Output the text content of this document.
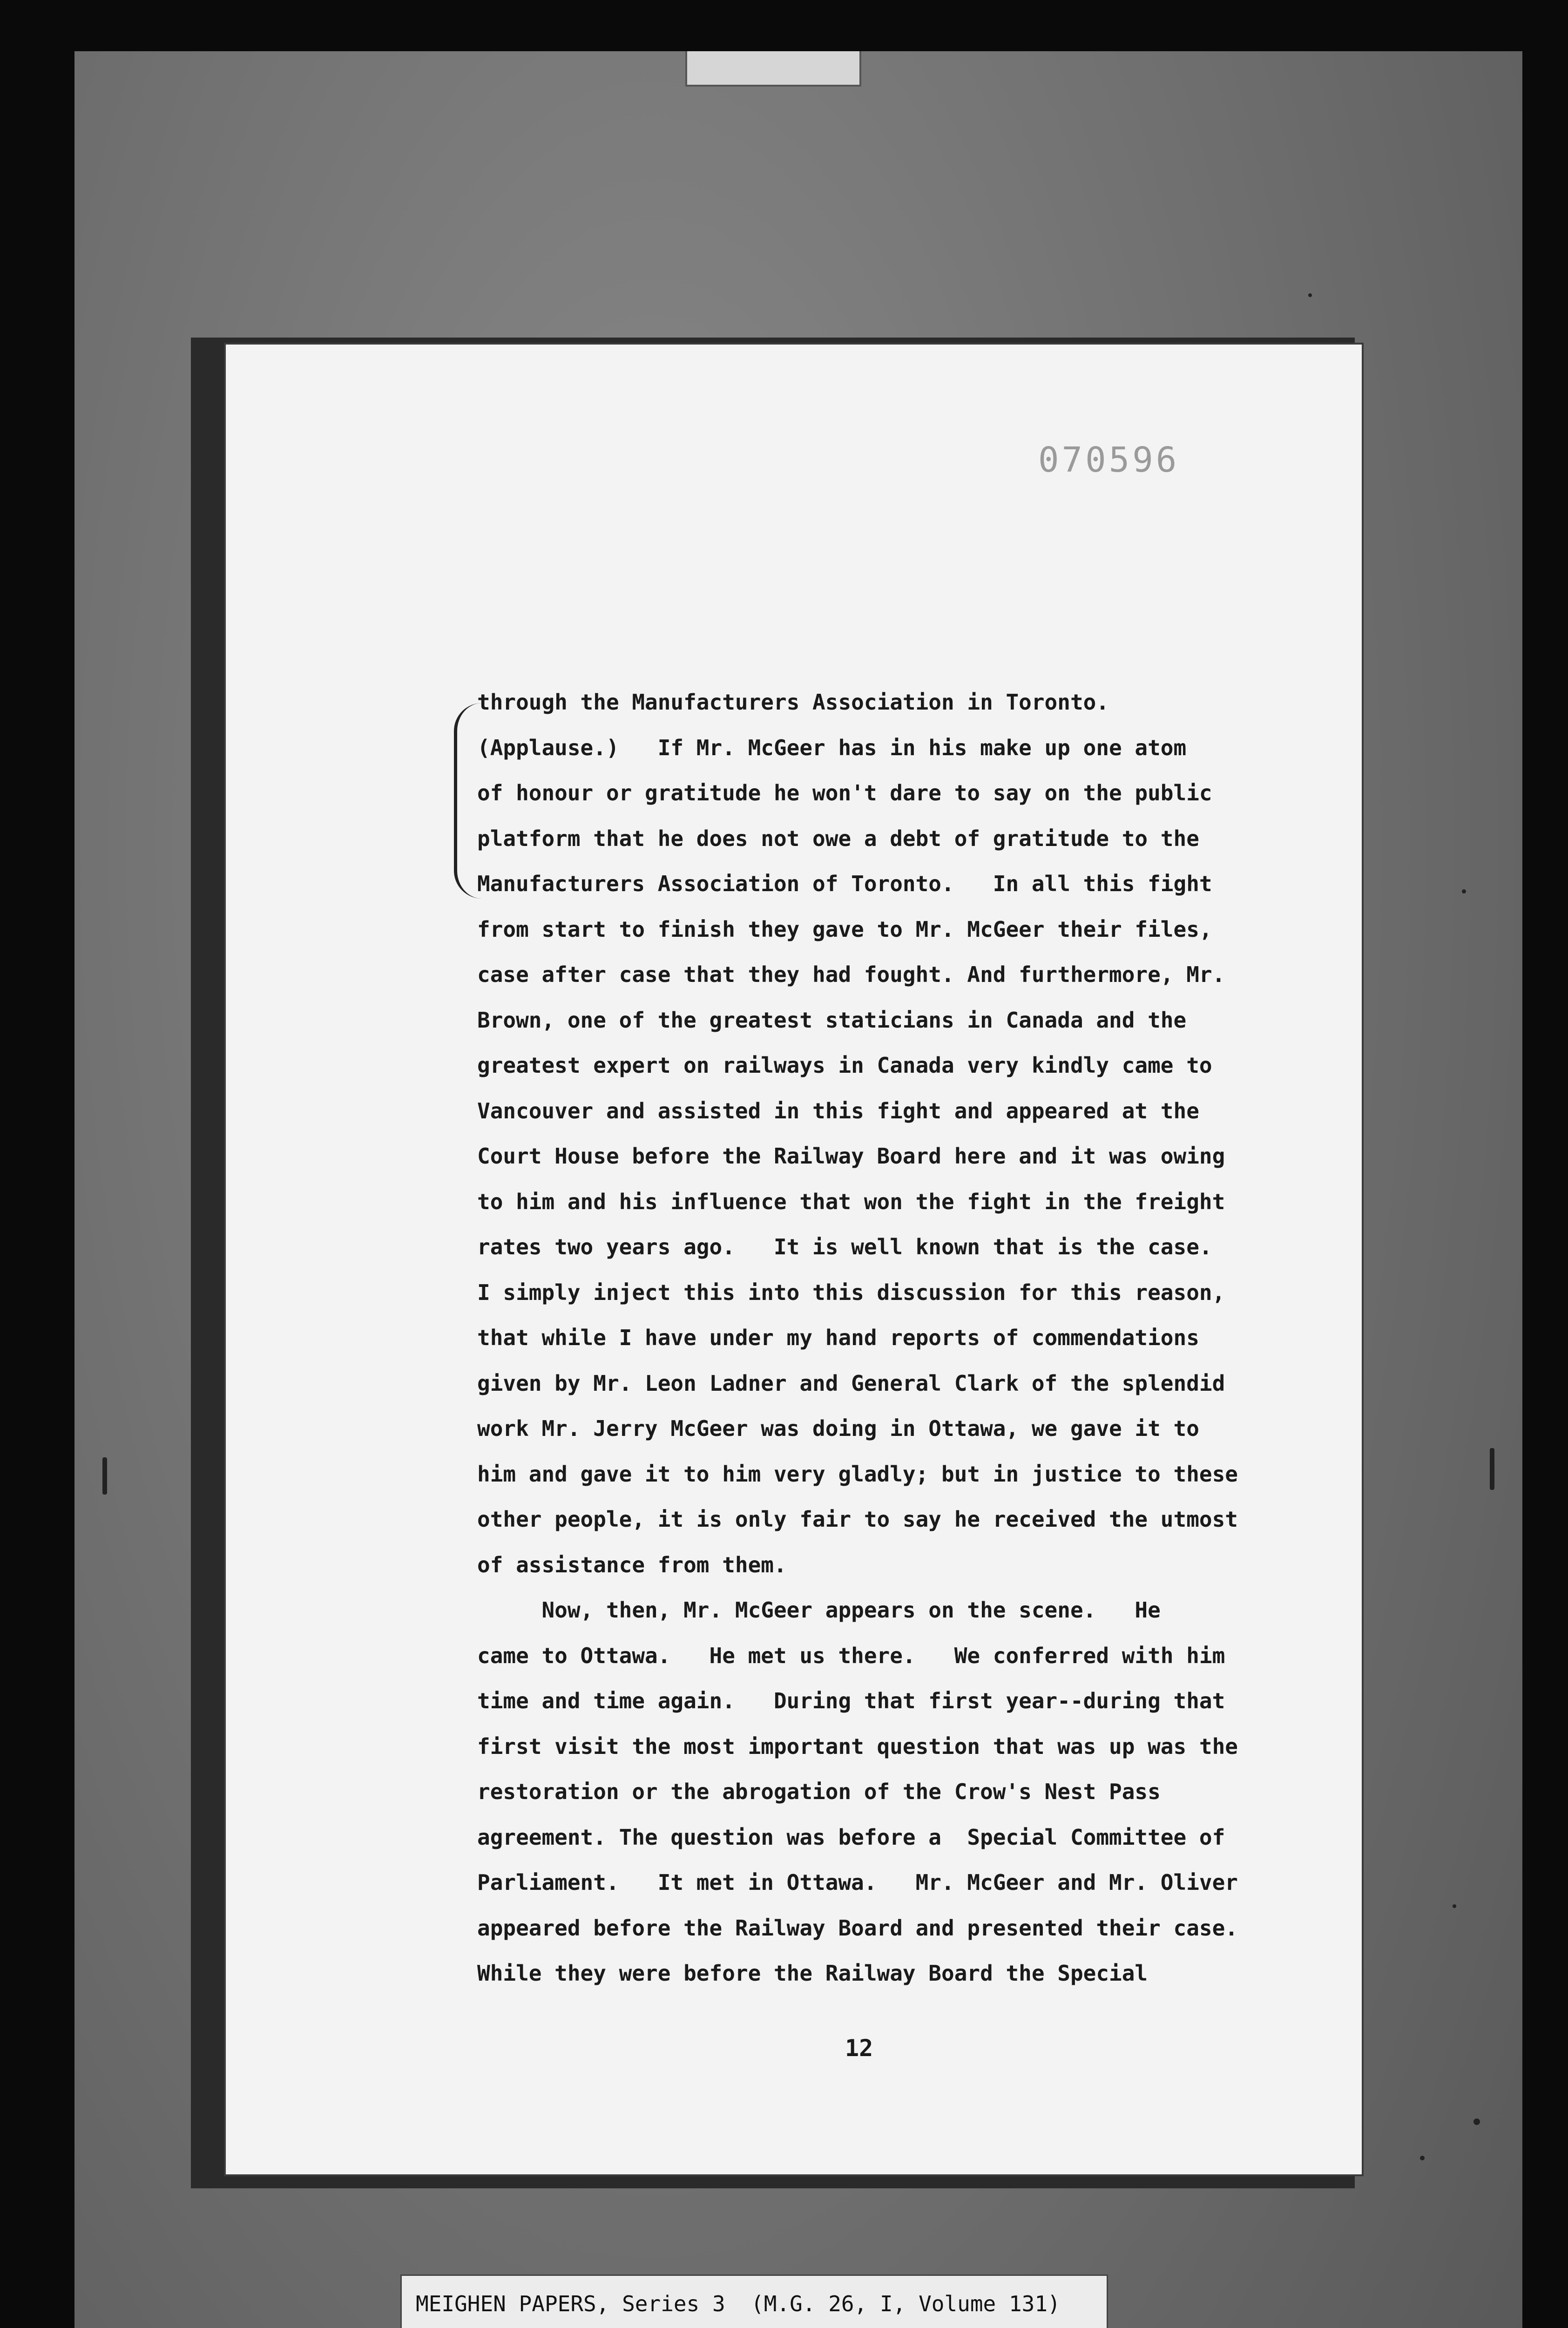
070596
through the Manufacturers Association in Toronto.
(Applause.)   If Mr. McGeer has in his make up one atom
of honour or gratitude he won't dare to say on the public
platform that he does not owe a debt of gratitude to the
Manufacturers Association of Toronto.   In all this fight
from start to finish they gave to Mr. McGeer their files,
case after case that they had fought. And furthermore, Mr.
Brown, one of the greatest staticians in Canada and the
greatest expert on railways in Canada very kindly came to
Vancouver and assisted in this fight and appeared at the
Court House before the Railway Board here and it was owing
to him and his influence that won the fight in the freight
rates two years ago.   It is well known that is the case.
I simply inject this into this discussion for this reason,
that while I have under my hand reports of commendations
given by Mr. Leon Ladner and General Clark of the splendid
work Mr. Jerry McGeer was doing in Ottawa, we gave it to
him and gave it to him very gladly; but in justice to these
other people, it is only fair to say he received the utmost
of assistance from them.
Now, then, Mr. McGeer appears on the scene.   He
came to Ottawa.   He met us there.   We conferred with him
time and time again.   During that first year--during that
first visit the most important question that was up was the
restoration or the abrogation of the Crow's Nest Pass
agreement. The question was before a  Special Committee of
Parliament.   It met in Ottawa.   Mr. McGeer and Mr. Oliver
appeared before the Railway Board and presented their case.
While they were before the Railway Board the Special
12
MEIGHEN PAPERS, Series 3  (M.G. 26, I, Volume 131)
